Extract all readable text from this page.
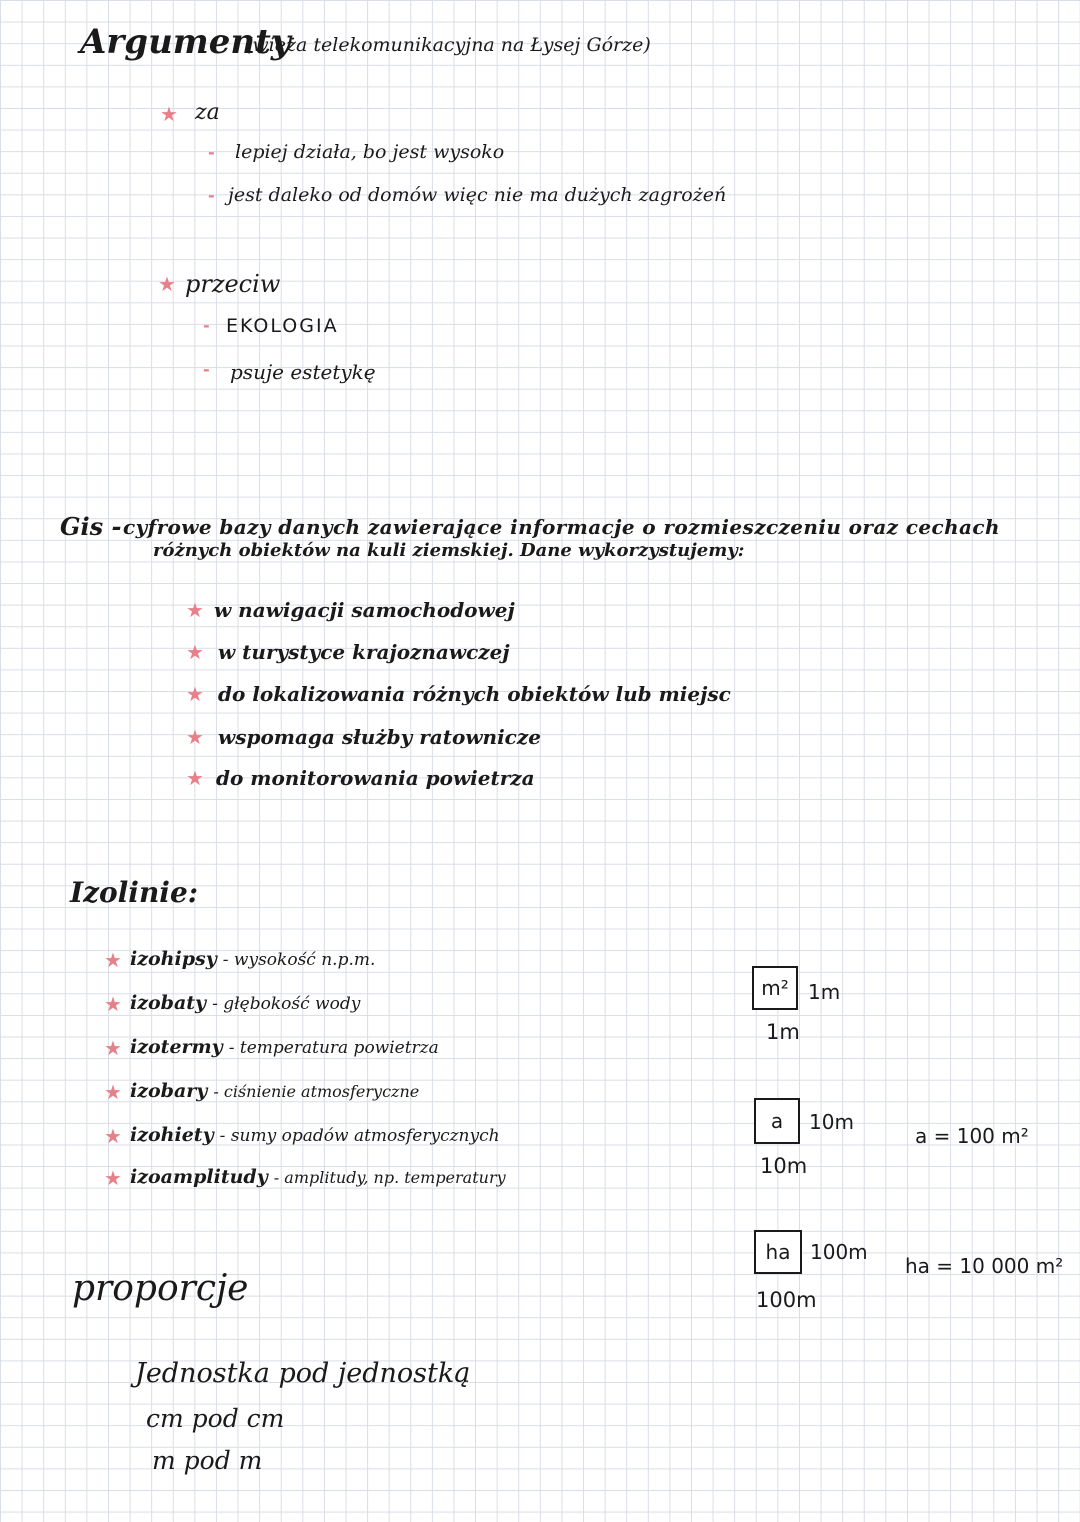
Argumenty
(wieża telekomunikacyjna na Łysej Górze)
★ za
- lepiej działa, bo jest wysoko
- jest daleko od domów więc nie ma dużych zagrożeń
★ przeciw
- EKOLOGIA
- psuje estetykę
Gis - cyfrowe bazy danych zawierające informacje o rozmieszczeniu oraz cechach
różnych obiektów na kuli ziemskiej. Dane wykorzystujemy:
★ w nawigacji samochodowej
★ w turystyce krajoznawczej
★ do lokalizowania różnych obiektów lub miejsc
★ wspomaga służby ratownicze
★ do monitorowania powietrza
Izolinie:
★ izohipsy - wysokość n.p.m.
★ izobaty - głębokość wody
★ izotermy - temperatura powietrza
★ izobary - ciśnienie atmosferyczne
★ izohiety - sumy opadów atmosferycznych
★ izoamplitudy - amplitudy, np. temperatury
m² 1m
1m
a	10m
10m
a = 100 m²
ha 100m
100m
ha = 10 000 m²
proporcje
Jednostka pod jednostką
cm pod cm
m pod m
